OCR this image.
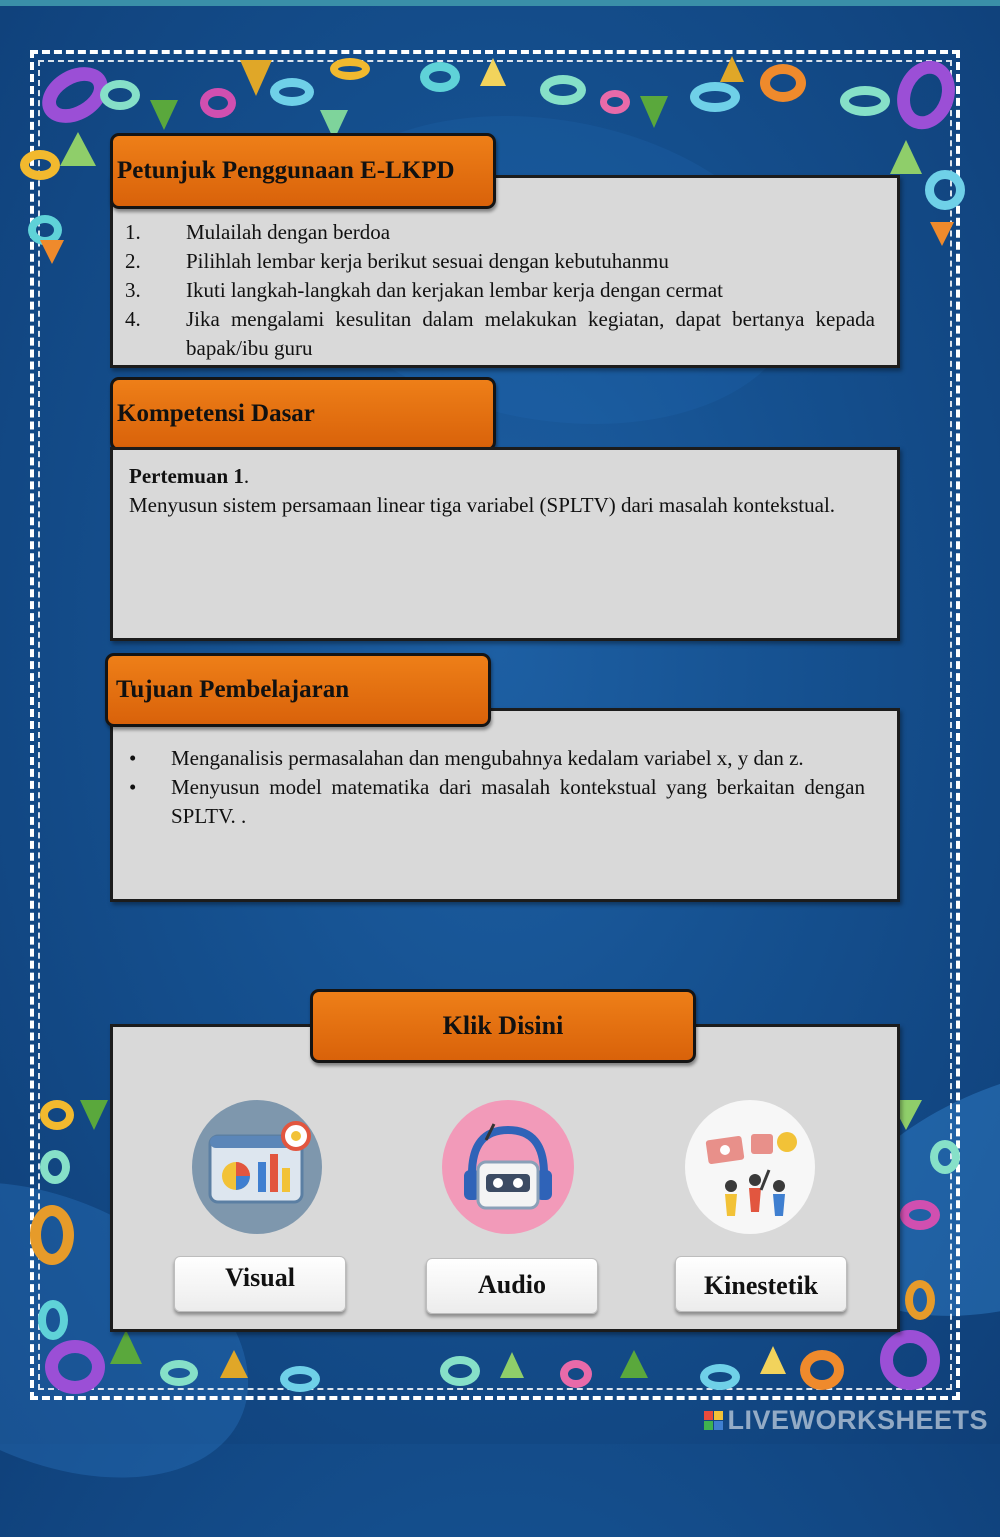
Petunjuk Penggunaan E-LKPD
1.	Mulailah dengan berdoa
2.	Pilihlah lembar kerja berikut sesuai dengan kebutuhanmu
3.	Ikuti langkah-langkah dan kerjakan lembar kerja dengan cermat
4.	Jika mengalami kesulitan dalam melakukan kegiatan, dapat bertanya kepada bapak/ibu guru
Kompetensi Dasar
Pertemuan 1.
Menyusun sistem persamaan linear tiga variabel (SPLTV) dari masalah kontekstual.
Tujuan Pembelajaran
•	Menganalisis permasalahan dan mengubahnya kedalam variabel x, y dan z.
•	Menyusun model matematika dari masalah kontekstual yang berkaitan dengan SPLTV. .
Klik Disini
Visual	Audio	Kinestetik
LIVEWORKSHEETS
